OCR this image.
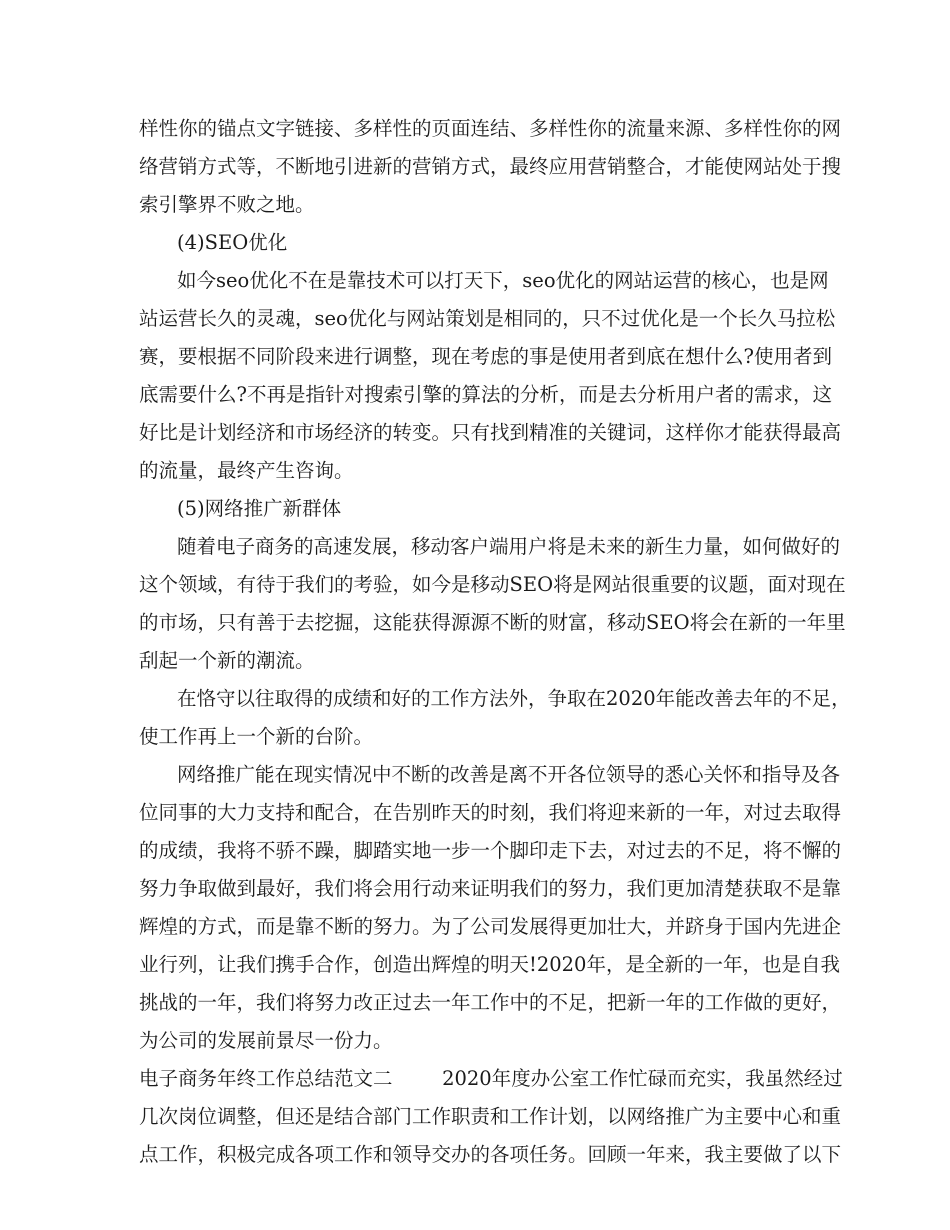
样性你的锚点文字链接、多样性的页面连结、多样性你的流量来源、多样性你的网
络营销方式等，不断地引进新的营销方式，最终应用营销整合，才能使网站处于搜
索引擎界不败之地。
(4)SEO优化
如今seo优化不在是靠技术可以打天下，seo优化的网站运营的核心，也是网
站运营长久的灵魂，seo优化与网站策划是相同的，只不过优化是一个长久马拉松
赛，要根据不同阶段来进行调整，现在考虑的事是使用者到底在想什么?使用者到
底需要什么?不再是指针对搜索引擎的算法的分析，而是去分析用户者的需求，这
好比是计划经济和市场经济的转变。只有找到精准的关键词，这样你才能获得最高
的流量，最终产生咨询。
(5)网络推广新群体
随着电子商务的高速发展，移动客户端用户将是未来的新生力量，如何做好的
这个领域，有待于我们的考验，如今是移动SEO将是网站很重要的议题，面对现在
的市场，只有善于去挖掘，这能获得源源不断的财富，移动SEO将会在新的一年里
刮起一个新的潮流。
在恪守以往取得的成绩和好的工作方法外，争取在2020年能改善去年的不足，
使工作再上一个新的台阶。
网络推广能在现实情况中不断的改善是离不开各位领导的悉心关怀和指导及各
位同事的大力支持和配合，在告别昨天的时刻，我们将迎来新的一年，对过去取得
的成绩，我将不骄不躁，脚踏实地一步一个脚印走下去，对过去的不足，将不懈的
努力争取做到最好，我们将会用行动来证明我们的努力，我们更加清楚获取不是靠
辉煌的方式，而是靠不断的努力。为了公司发展得更加壮大，并跻身于国内先进企
业行列，让我们携手合作，创造出辉煌的明天!2020年，是全新的一年，也是自我
挑战的一年，我们将努力改正过去一年工作中的不足，把新一年的工作做的更好，
为公司的发展前景尽一份力。
电子商务年终工作总结范文二        2020年度办公室工作忙碌而充实，我虽然经过
几次岗位调整，但还是结合部门工作职责和工作计划，以网络推广为主要中心和重
点工作，积极完成各项工作和领导交办的各项任务。回顾一年来，我主要做了以下
